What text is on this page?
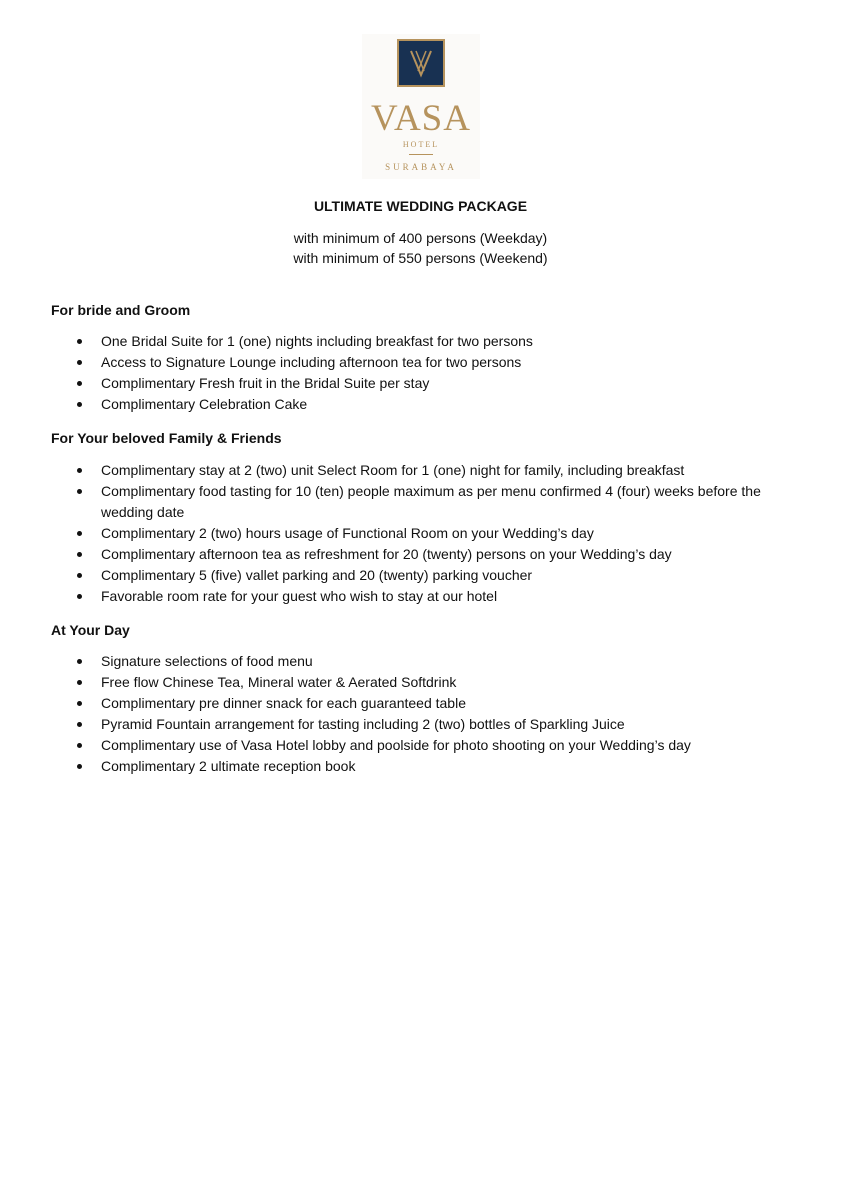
VASA
HOTEL
SURABAYA
ULTIMATE WEDDING PACKAGE
with minimum of 400 persons (Weekday)
with minimum of 550 persons (Weekend)
For bride and Groom
One Bridal Suite for 1 (one) nights including breakfast for two persons
Access to Signature Lounge including afternoon tea for two persons
Complimentary Fresh fruit in the Bridal Suite per stay
Complimentary Celebration Cake
For Your beloved Family & Friends
Complimentary stay at 2 (two) unit Select Room for 1 (one) night for family, including breakfast
Complimentary food tasting for 10 (ten) people maximum as per menu confirmed 4 (four) weeks before the wedding date
Complimentary 2 (two) hours usage of Functional Room on your Wedding’s day
Complimentary afternoon tea as refreshment for 20 (twenty) persons on your Wedding’s day
Complimentary 5 (five) vallet parking and 20 (twenty) parking voucher
Favorable room rate for your guest who wish to stay at our hotel
At Your Day
Signature selections of food menu
Free flow Chinese Tea, Mineral water & Aerated Softdrink
Complimentary pre dinner snack for each guaranteed table
Pyramid Fountain arrangement for tasting including 2 (two) bottles of Sparkling Juice
Complimentary use of Vasa Hotel lobby and poolside for photo shooting on your Wedding’s day
Complimentary 2 ultimate reception book
